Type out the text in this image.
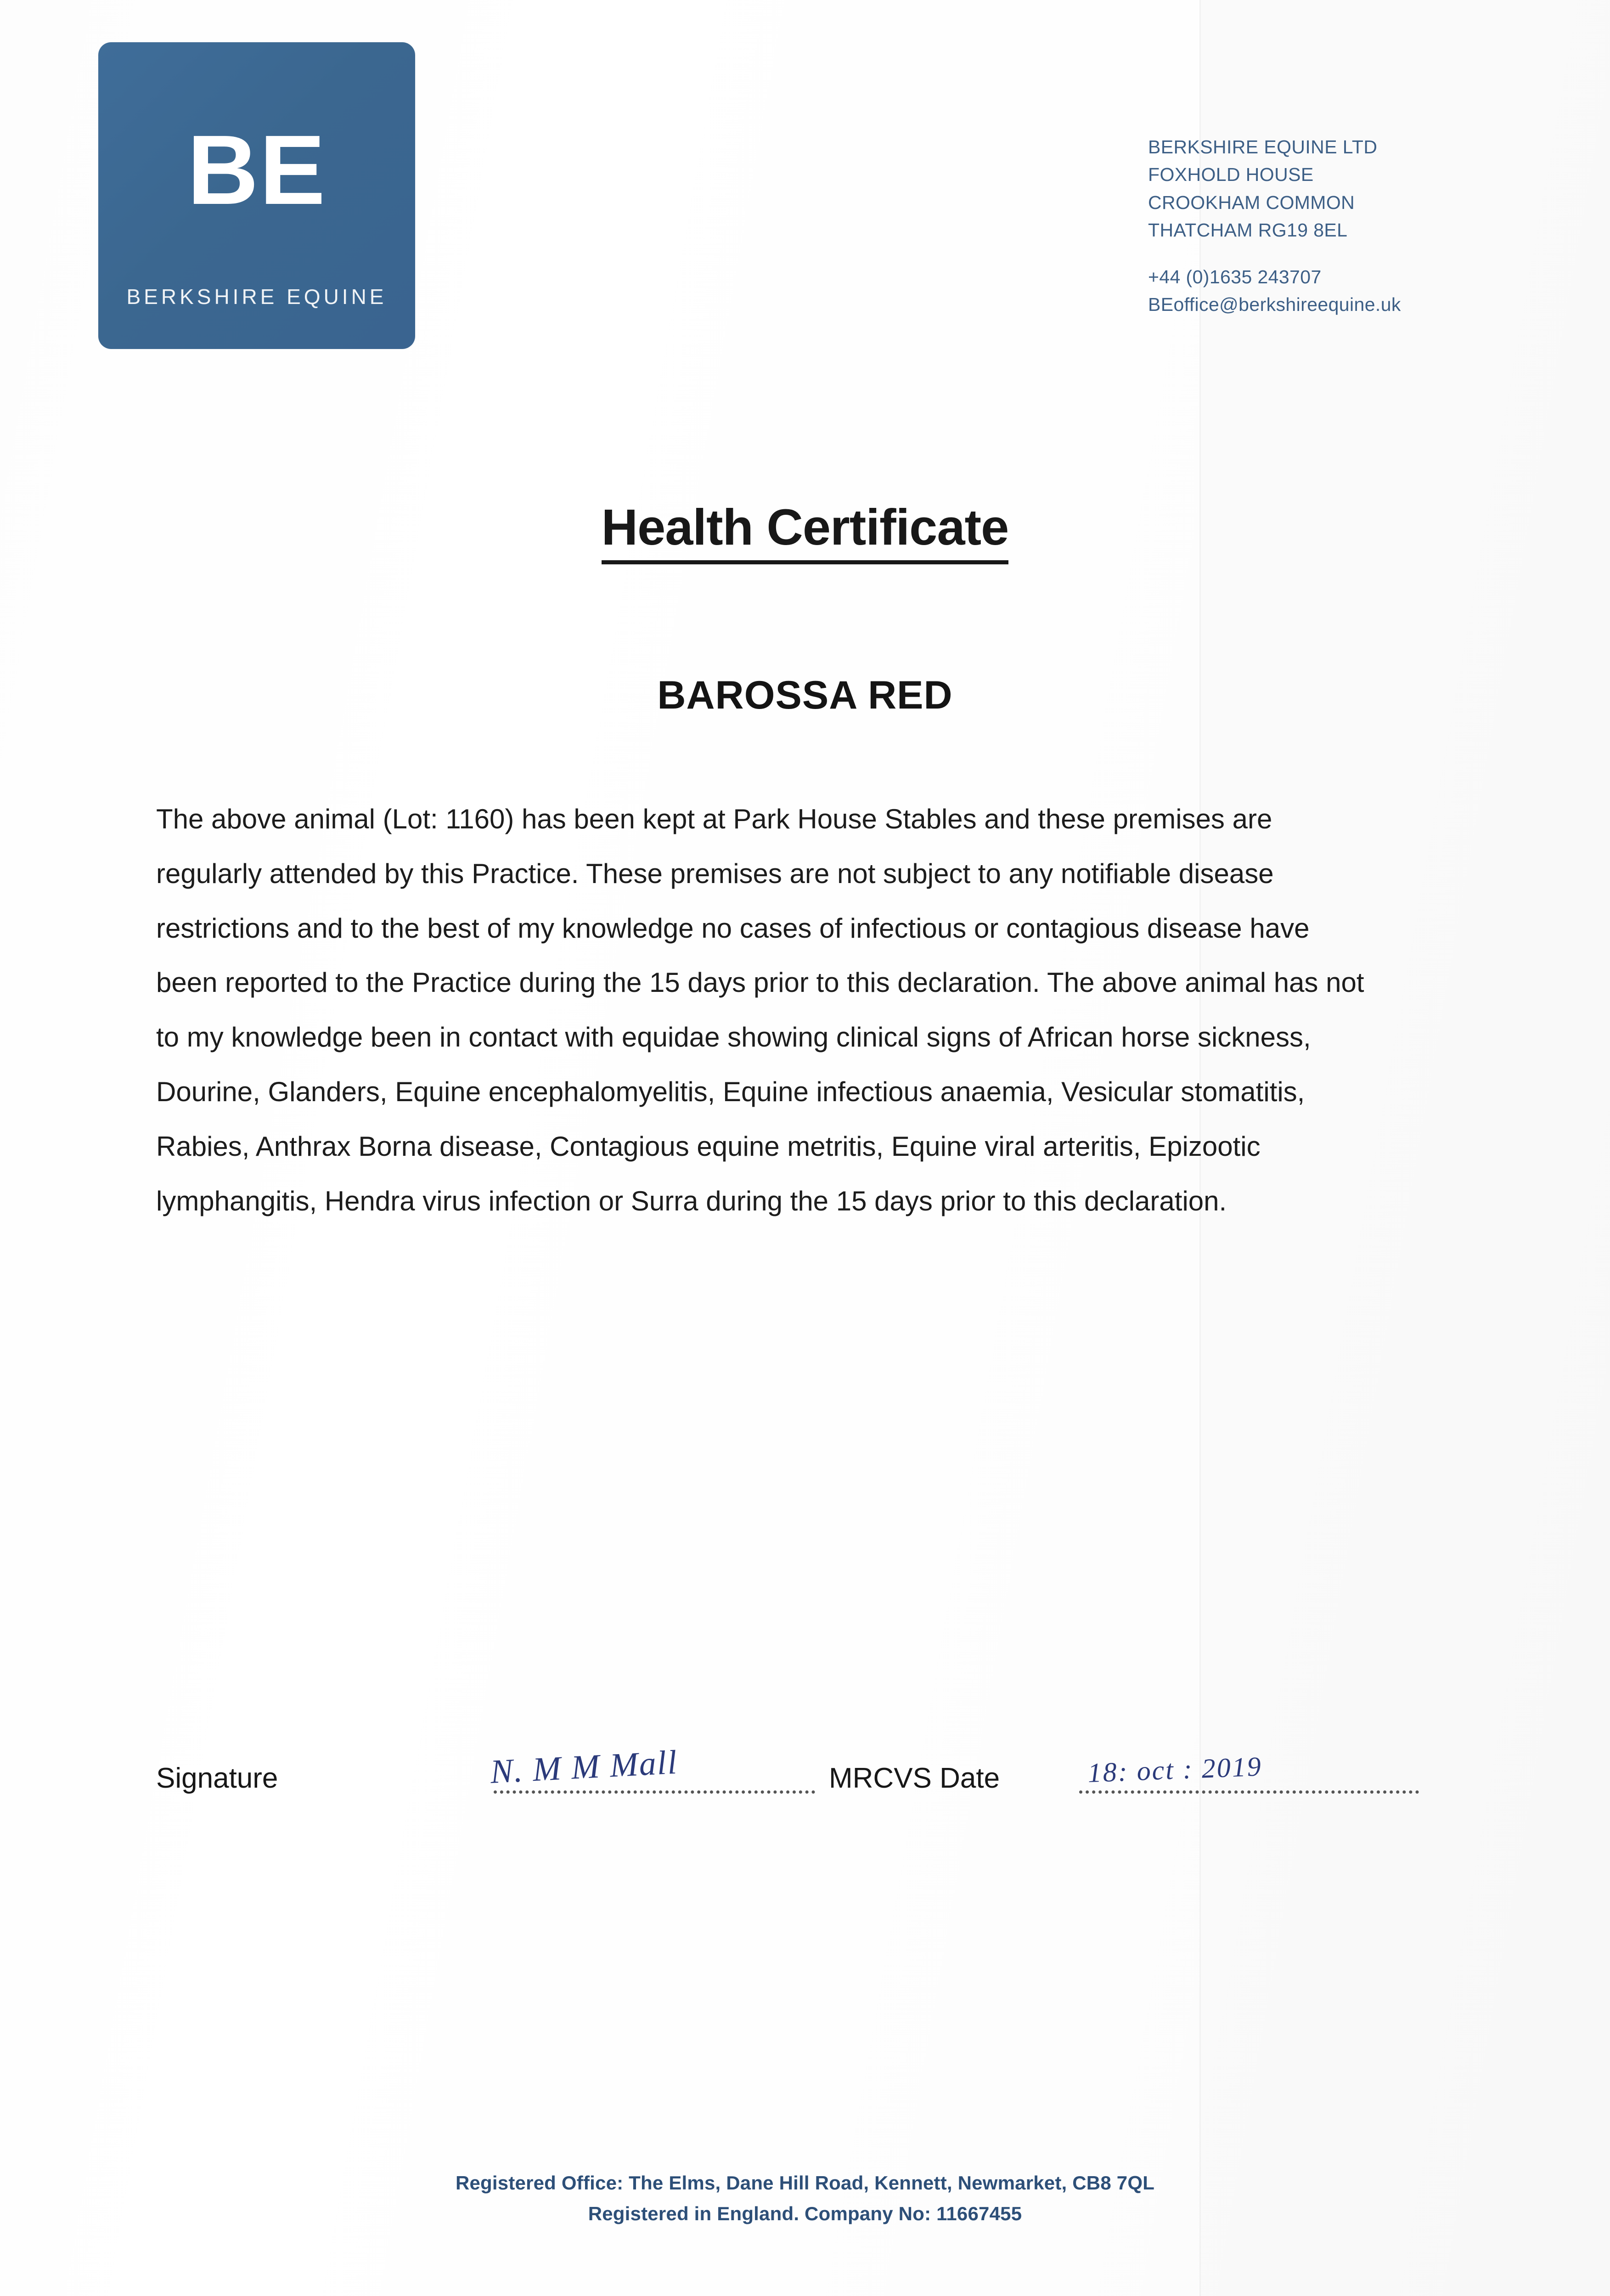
BE
BERKSHIRE EQUINE
BERKSHIRE EQUINE LTD
FOXHOLD HOUSE
CROOKHAM COMMON
THATCHAM RG19 8EL
+44 (0)1635 243707
BEoffice@berkshireequine.uk
Health Certificate
BAROSSA RED
The above animal (Lot: 1160) has been kept at Park House Stables and these premises are regularly attended by this Practice. These premises are not subject to any notifiable disease restrictions and to the best of my knowledge no cases of infectious or contagious disease have been reported to the Practice during the 15 days prior to this declaration. The above animal has not to my knowledge been in contact with equidae showing clinical signs of African horse sickness, Dourine, Glanders, Equine encephalomyelitis, Equine infectious anaemia, Vesicular stomatitis, Rabies, Anthrax Borna disease, Contagious equine metritis, Equine viral arteritis, Epizootic lymphangitis, Hendra virus infection or Surra during the 15 days prior to this declaration.
Signature	N. M M Mall	MRCVS Date	18: oct : 2019
Registered Office: The Elms, Dane Hill Road, Kennett, Newmarket, CB8 7QL
Registered in England. Company No: 11667455
